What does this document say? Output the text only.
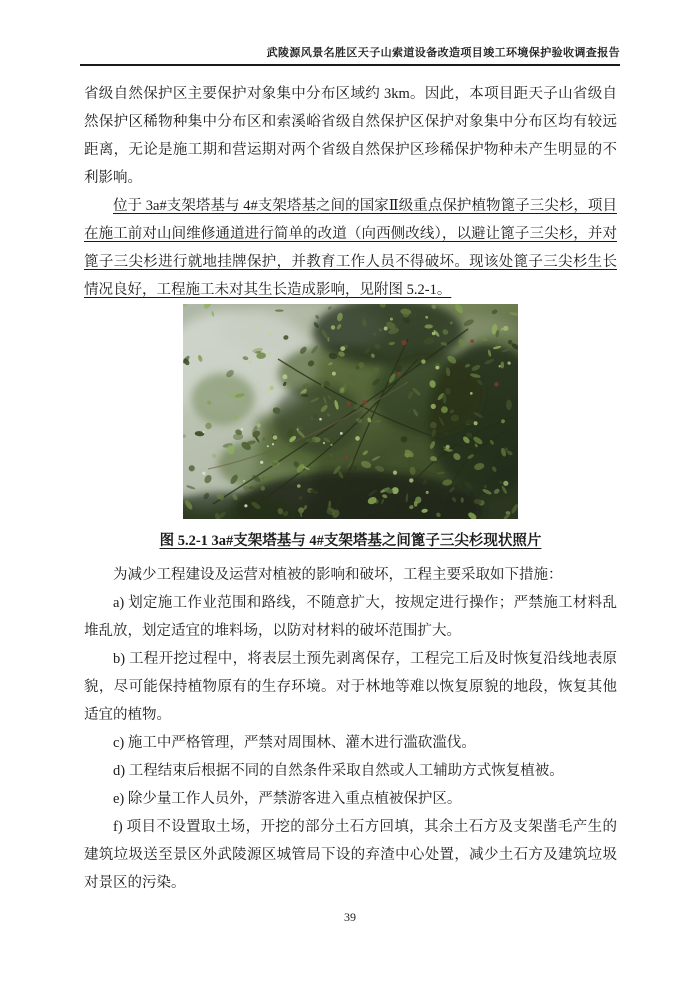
武陵源风景名胜区天子山索道设备改造项目竣工环境保护验收调查报告

省级自然保护区主要保护对象集中分布区域约 3km。因此，本项目距天子山省级自然保护区稀物种集中分布区和索溪峪省级自然保护区保护对象集中分布区均有较远距离，无论是施工期和营运期对两个省级自然保护区珍稀保护物种未产生明显的不利影响。

位于 3a#支架塔基与 4#支架塔基之间的国家Ⅱ级重点保护植物篦子三尖杉，项目在施工前对山间维修通道进行简单的改道（向西侧改线），以避让篦子三尖杉，并对篦子三尖杉进行就地挂牌保护，并教育工作人员不得破坏。现该处篦子三尖杉生长情况良好，工程施工未对其生长造成影响，见附图 5.2-1。

图 5.2-1 3a#支架塔基与 4#支架塔基之间篦子三尖杉现状照片

为减少工程建设及运营对植被的影响和破坏，工程主要采取如下措施：

a) 划定施工作业范围和路线，不随意扩大，按规定进行操作；严禁施工材料乱堆乱放，划定适宜的堆料场，以防对材料的破坏范围扩大。

b) 工程开挖过程中，将表层土预先剥离保存，工程完工后及时恢复沿线地表原貌，尽可能保持植物原有的生存环境。对于林地等难以恢复原貌的地段，恢复其他适宜的植物。

c) 施工中严格管理，严禁对周围林、灌木进行滥砍滥伐。

d) 工程结束后根据不同的自然条件采取自然或人工辅助方式恢复植被。

e) 除少量工作人员外，严禁游客进入重点植被保护区。

f) 项目不设置取土场，开挖的部分土石方回填，其余土石方及支架凿毛产生的建筑垃圾送至景区外武陵源区城管局下设的弃渣中心处置，减少土石方及建筑垃圾对景区的污染。

39
